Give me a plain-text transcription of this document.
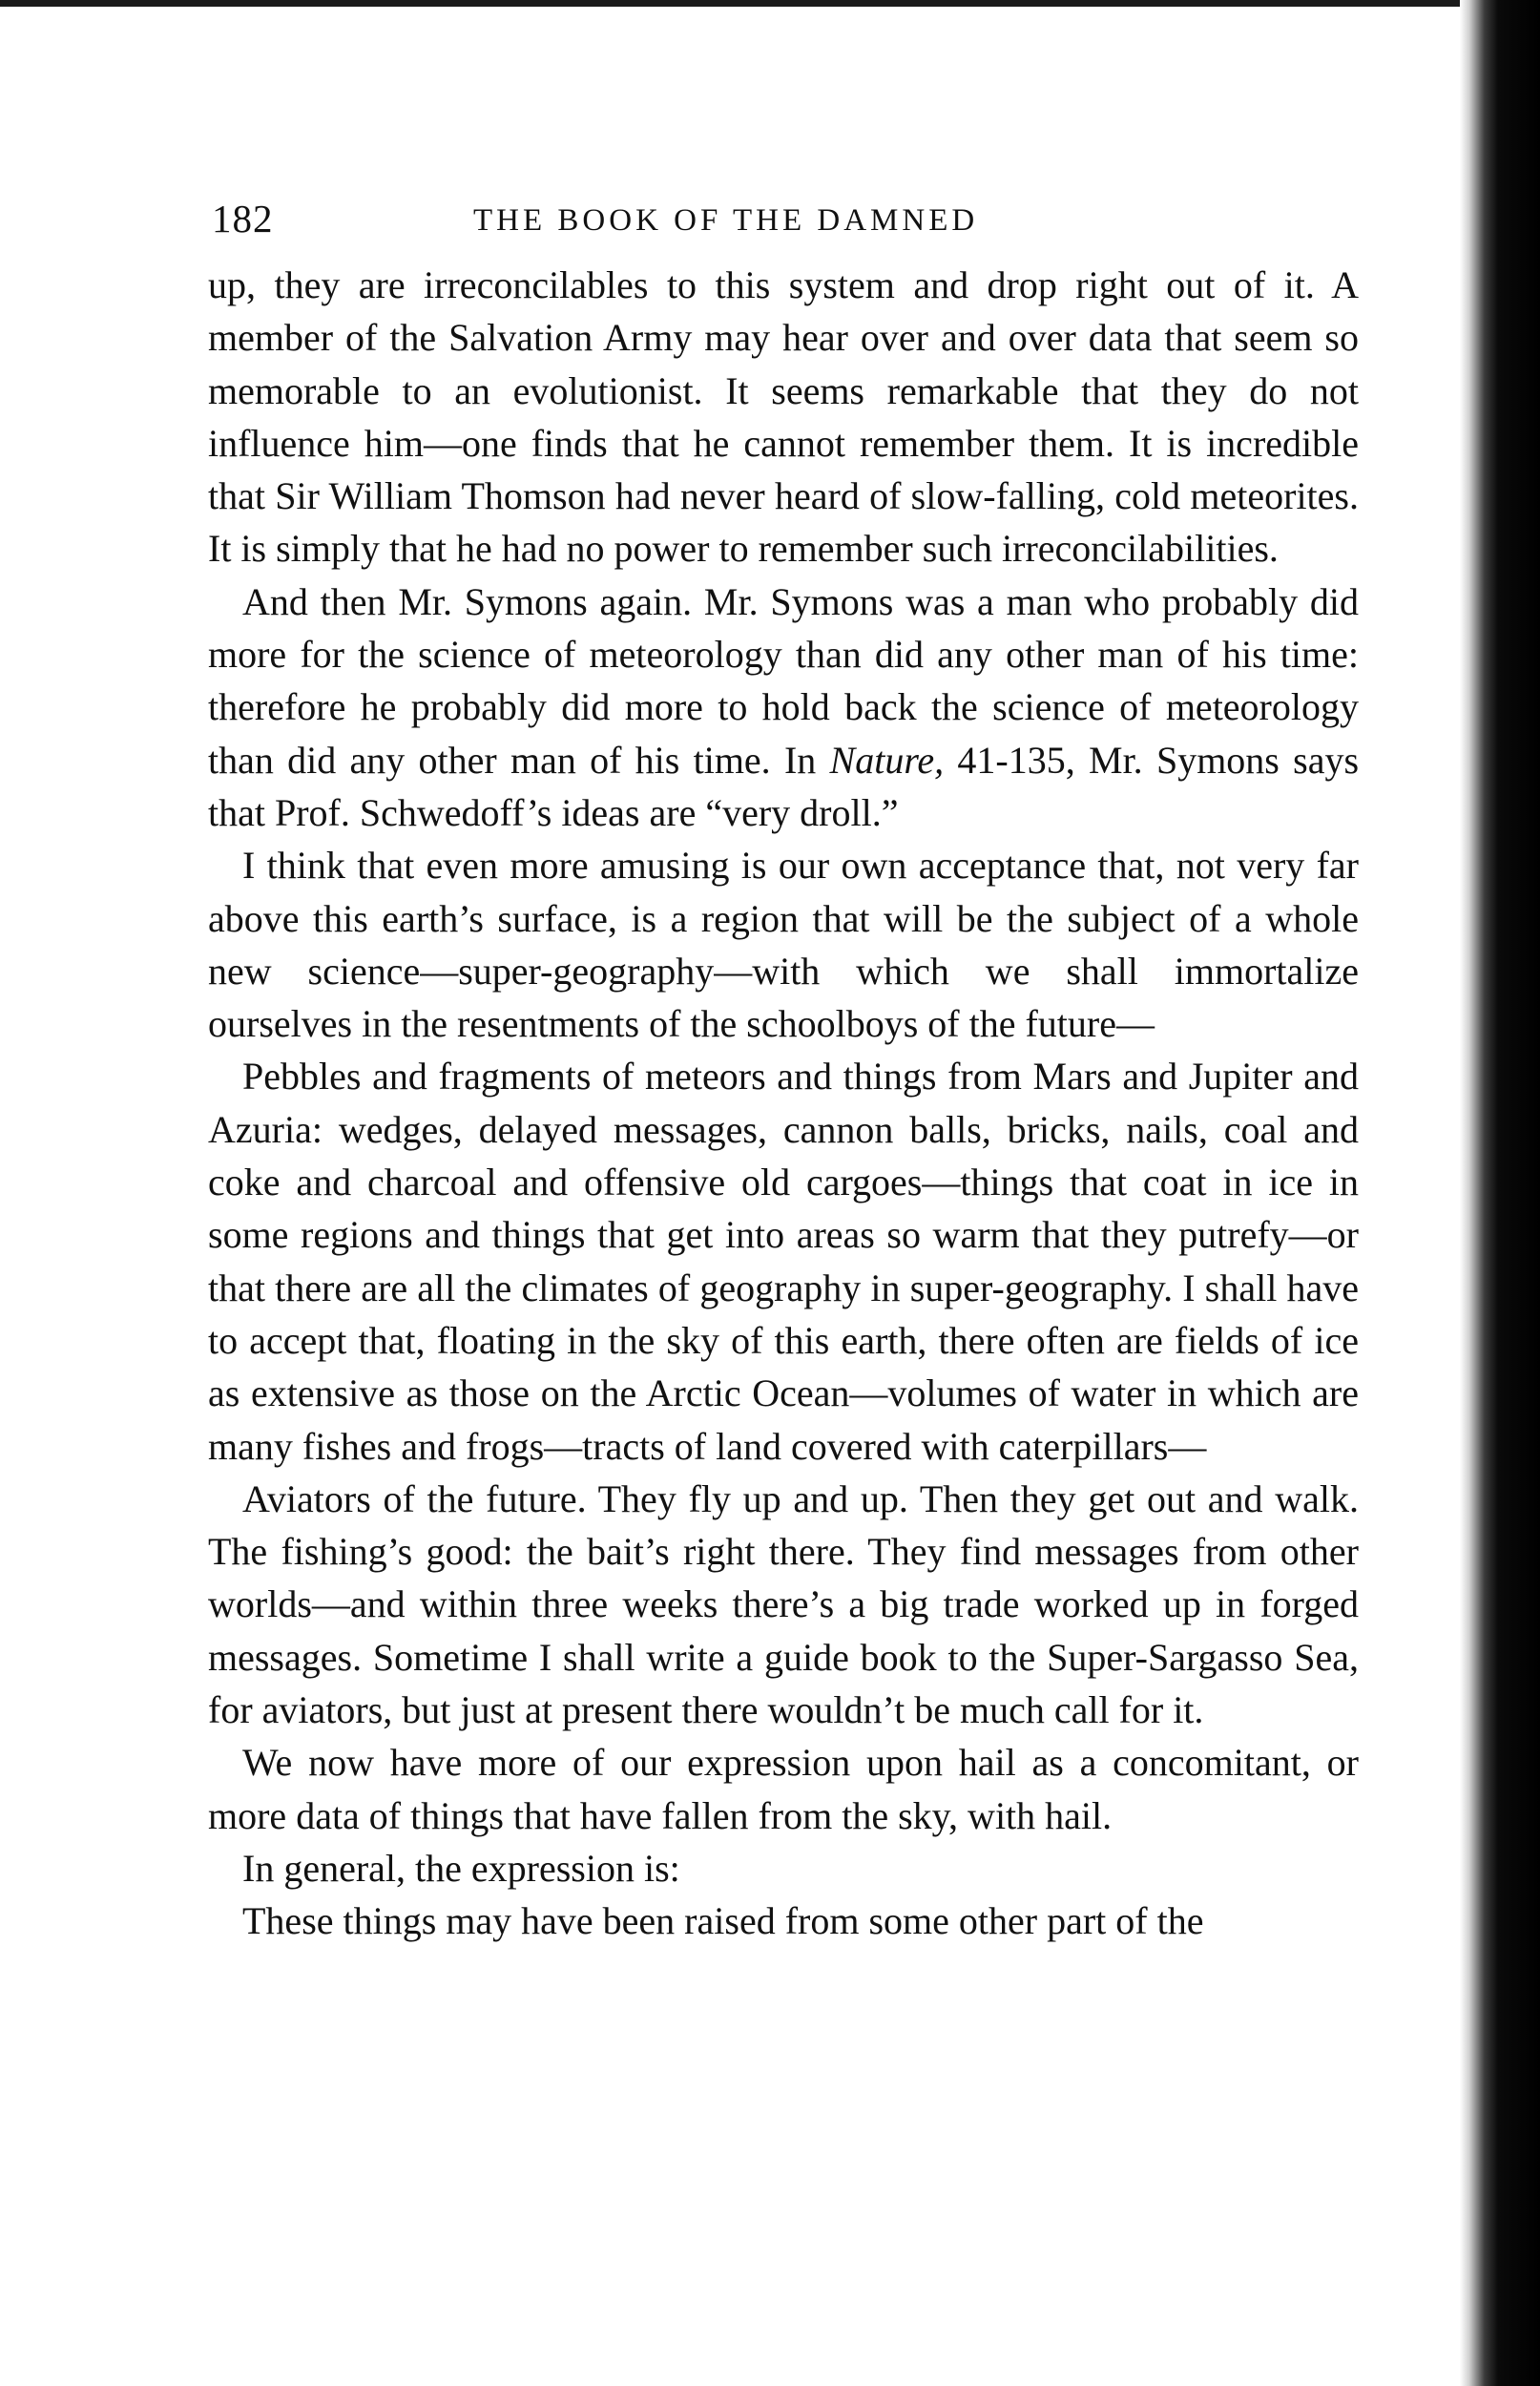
182	THE BOOK OF THE DAMNED

up, they are irreconcilables to this system and drop right out of it. A member of the Salvation Army may hear over and over data that seem so memorable to an evolutionist. It seems remarkable that they do not influence him—one finds that he cannot remember them. It is incredible that Sir William Thomson had never heard of slow-falling, cold meteorites. It is simply that he had no power to remember such irreconcilabilities.

And then Mr. Symons again. Mr. Symons was a man who probably did more for the science of meteorology than did any other man of his time: therefore he probably did more to hold back the science of meteorology than did any other man of his time. In Nature, 41-135, Mr. Symons says that Prof. Schwedoff’s ideas are “very droll.”

I think that even more amusing is our own acceptance that, not very far above this earth’s surface, is a region that will be the subject of a whole new science—super-geography—with which we shall immortalize ourselves in the resentments of the schoolboys of the future—

Pebbles and fragments of meteors and things from Mars and Jupiter and Azuria: wedges, delayed messages, cannon balls, bricks, nails, coal and coke and charcoal and offensive old cargoes—things that coat in ice in some regions and things that get into areas so warm that they putrefy—or that there are all the climates of geography in super-geography. I shall have to accept that, floating in the sky of this earth, there often are fields of ice as extensive as those on the Arctic Ocean—volumes of water in which are many fishes and frogs—tracts of land covered with caterpillars—

Aviators of the future. They fly up and up. Then they get out and walk. The fishing’s good: the bait’s right there. They find messages from other worlds—and within three weeks there’s a big trade worked up in forged messages. Sometime I shall write a guide book to the Super-Sargasso Sea, for aviators, but just at present there wouldn’t be much call for it.

We now have more of our expression upon hail as a concomitant, or more data of things that have fallen from the sky, with hail.

In general, the expression is:

These things may have been raised from some other part of the
